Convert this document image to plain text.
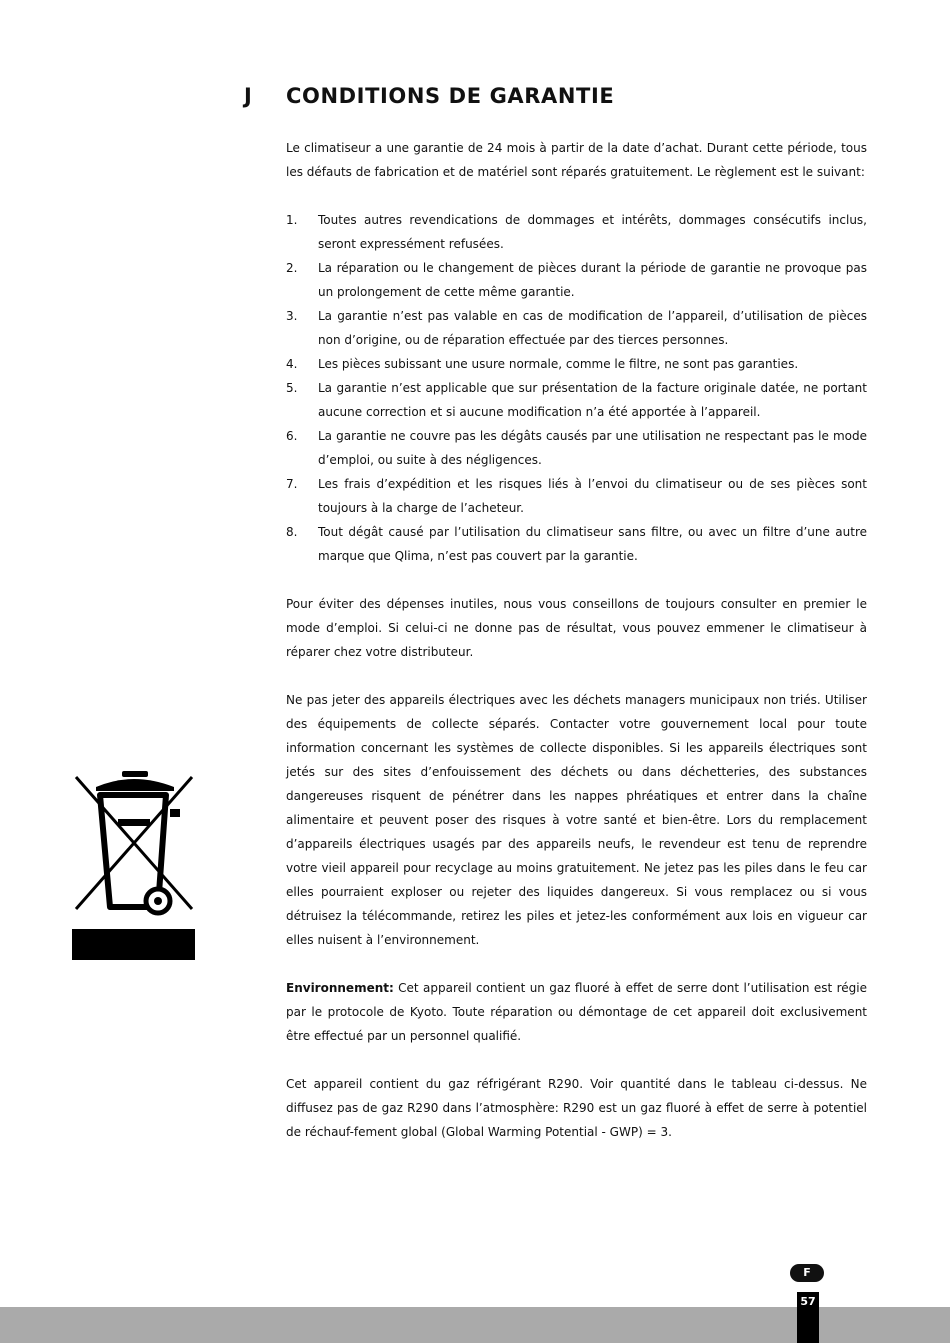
J CONDITIONS DE GARANTIE

Le climatiseur a une garantie de 24 mois à partir de la date d’achat. Durant cette période, tous les défauts de fabrication et de matériel sont réparés gratuitement. Le règlement est le suivant:

1.	Toutes autres revendications de dommages et intérêts, dommages consécutifs inclus, seront expressément refusées.
2.	La réparation ou le changement de pièces durant la période de garantie ne provoque pas un prolongement de cette même garantie.
3.	La garantie n’est pas valable en cas de modification de l’appareil, d’utilisation de pièces non d’origine, ou de réparation effectuée par des tierces personnes.
4.	Les pièces subissant une usure normale, comme le filtre, ne sont pas garanties.
5.	La garantie n’est applicable que sur présentation de la facture originale datée, ne portant aucune correction et si aucune modification n’a été apportée à l’appareil.
6.	La garantie ne couvre pas les dégâts causés par une utilisation ne respectant pas le mode d’emploi, ou suite à des négligences.
7.	Les frais d’expédition et les risques liés à l’envoi du climatiseur ou de ses pièces sont toujours à la charge de l’acheteur.
8.	Tout dégât causé par l’utilisation du climatiseur sans filtre, ou avec un filtre d’une autre marque que Qlima, n’est pas couvert par la garantie.

Pour éviter des dépenses inutiles, nous vous conseillons de toujours consulter en premier le mode d’emploi. Si celui-ci ne donne pas de résultat, vous pouvez emmener le climatiseur à réparer chez votre distributeur.

Ne pas jeter des appareils électriques avec les déchets managers municipaux non triés. Utiliser des équipements de collecte séparés. Contacter votre gouvernement local pour toute information concernant les systèmes de collecte disponibles. Si les appareils électriques sont jetés sur des sites d’enfouissement des déchets ou dans déchetteries, des substances dangereuses risquent de pénétrer dans les nappes phréatiques et entrer dans la chaîne alimentaire et peuvent poser des risques à votre santé et bien-être. Lors du remplacement d’appareils électriques usagés par des appareils neufs, le revendeur est tenu de reprendre votre vieil appareil pour recyclage au moins gratuitement. Ne jetez pas les piles dans le feu car elles pourraient exploser ou rejeter des liquides dangereux. Si vous remplacez ou si vous détruisez la télécommande, retirez les piles et jetez-les conformément aux lois en vigueur car elles nuisent à l’environnement.

Environnement: Cet appareil contient un gaz fluoré à effet de serre dont l’utilisation est régie par le protocole de Kyoto. Toute réparation ou démontage de cet appareil doit exclusivement être effectué par un personnel qualifié.

Cet appareil contient du gaz réfrigérant R290. Voir quantité dans le tableau ci-dessus. Ne diffusez pas de gaz R290 dans l’atmosphère: R290 est un gaz fluoré à effet de serre à potentiel de réchauf-fement global (Global Warming Potential - GWP) = 3.

F
57
